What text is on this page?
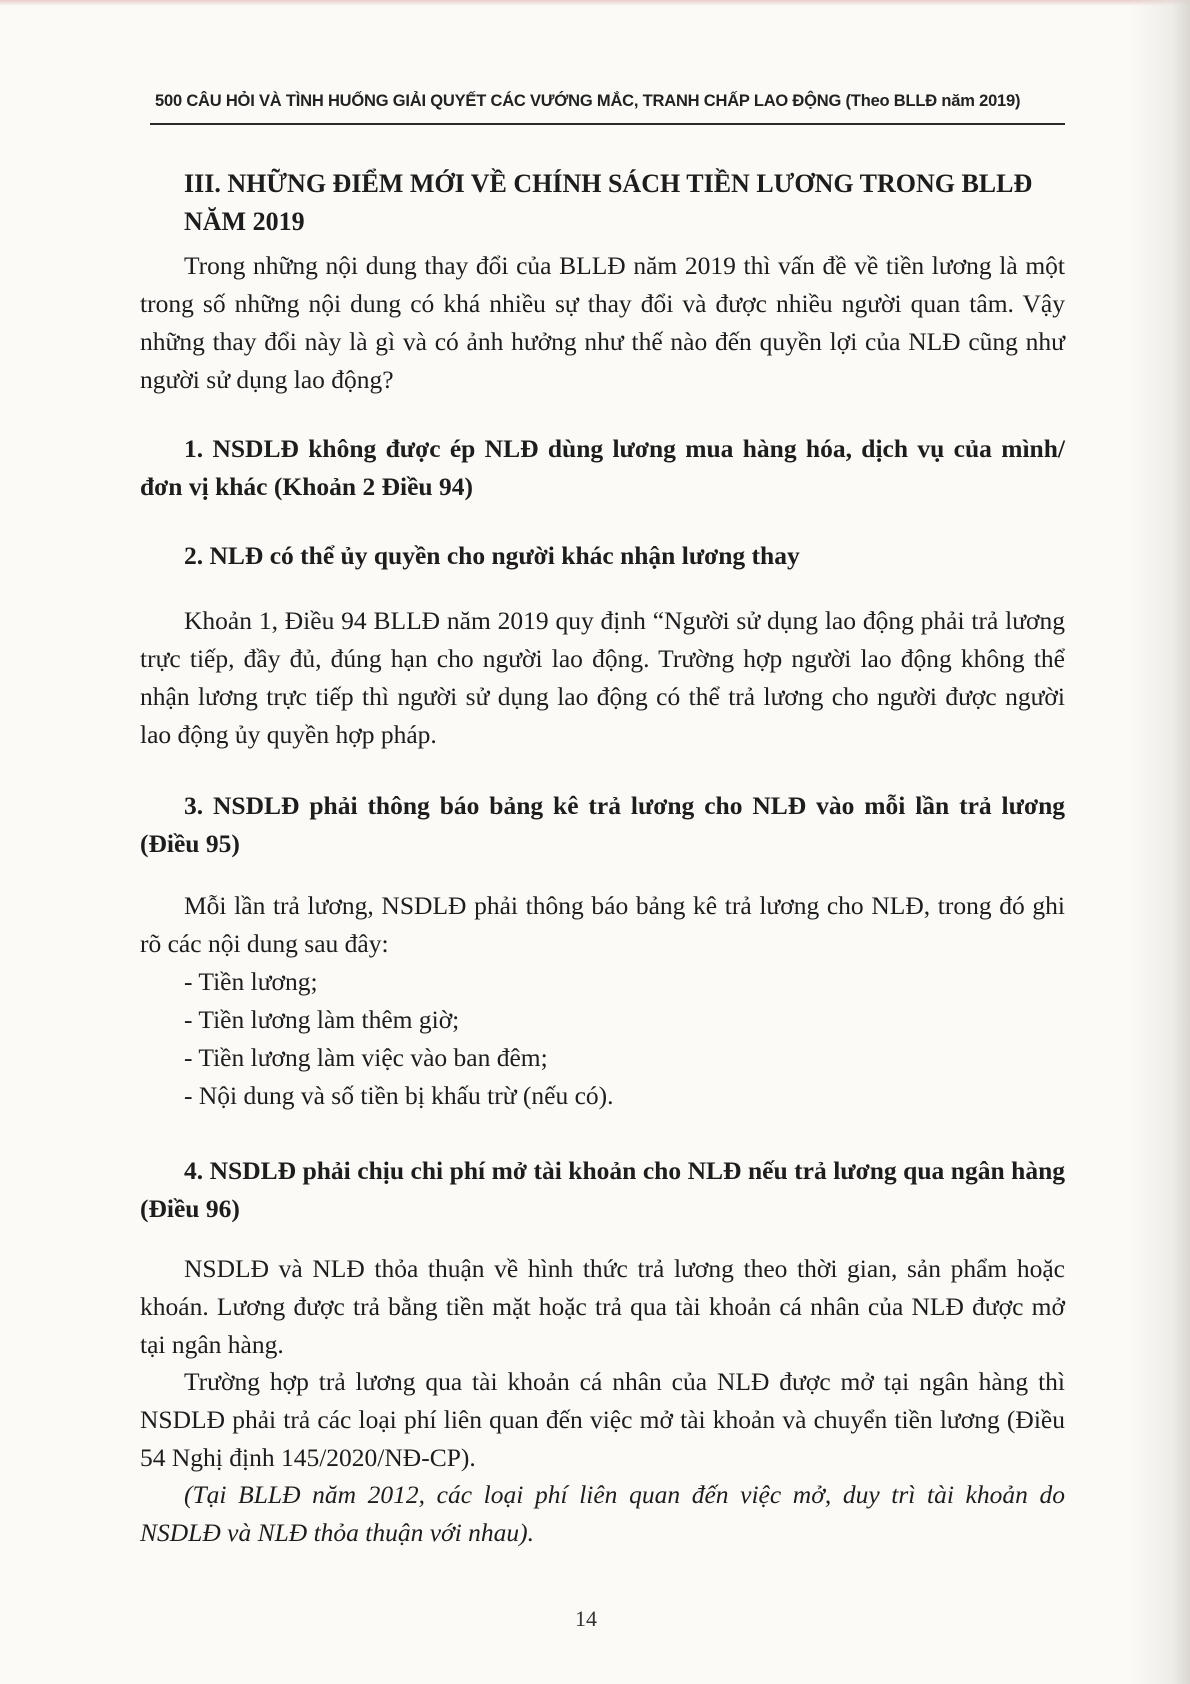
500 CÂU HỎI VÀ TÌNH HUỐNG GIẢI QUYẾT CÁC VƯỚNG MẮC, TRANH CHẤP LAO ĐỘNG (Theo BLLĐ năm 2019)
III. NHỮNG ĐIỂM MỚI VỀ CHÍNH SÁCH TIỀN LƯƠNG TRONG BLLĐ NĂM 2019
Trong những nội dung thay đổi của BLLĐ năm 2019 thì vấn đề về tiền lương là một trong số những nội dung có khá nhiều sự thay đổi và được nhiều người quan tâm. Vậy những thay đổi này là gì và có ảnh hưởng như thế nào đến quyền lợi của NLĐ cũng như người sử dụng lao động?
1. NSDLĐ không được ép NLĐ dùng lương mua hàng hóa, dịch vụ của mình/đơn vị khác (Khoản 2 Điều 94)
2. NLĐ có thể ủy quyền cho người khác nhận lương thay
Khoản 1, Điều 94 BLLĐ năm 2019 quy định “Người sử dụng lao động phải trả lương trực tiếp, đầy đủ, đúng hạn cho người lao động. Trường hợp người lao động không thể nhận lương trực tiếp thì người sử dụng lao động có thể trả lương cho người được người lao động ủy quyền hợp pháp.
3. NSDLĐ phải thông báo bảng kê trả lương cho NLĐ vào mỗi lần trả lương (Điều 95)
Mỗi lần trả lương, NSDLĐ phải thông báo bảng kê trả lương cho NLĐ, trong đó ghi rõ các nội dung sau đây:
- Tiền lương;
- Tiền lương làm thêm giờ;
- Tiền lương làm việc vào ban đêm;
- Nội dung và số tiền bị khấu trừ (nếu có).
4. NSDLĐ phải chịu chi phí mở tài khoản cho NLĐ nếu trả lương qua ngân hàng (Điều 96)
NSDLĐ và NLĐ thỏa thuận về hình thức trả lương theo thời gian, sản phẩm hoặc khoán. Lương được trả bằng tiền mặt hoặc trả qua tài khoản cá nhân của NLĐ được mở tại ngân hàng.
Trường hợp trả lương qua tài khoản cá nhân của NLĐ được mở tại ngân hàng thì NSDLĐ phải trả các loại phí liên quan đến việc mở tài khoản và chuyển tiền lương (Điều 54 Nghị định 145/2020/NĐ-CP).
(Tại BLLĐ năm 2012, các loại phí liên quan đến việc mở, duy trì tài khoản do NSDLĐ và NLĐ thỏa thuận với nhau).
14
